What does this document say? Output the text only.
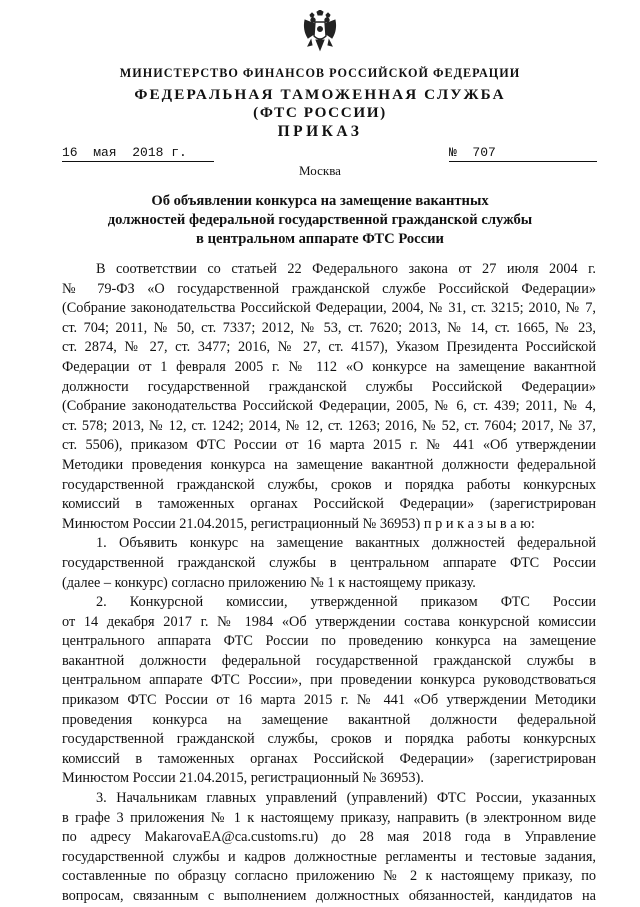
МИНИСТЕРСТВО ФИНАНСОВ РОССИЙСКОЙ ФЕДЕРАЦИИ
ФЕДЕРАЛЬНАЯ ТАМОЖЕННАЯ СЛУЖБА
(ФТС РОССИИ)
ПРИКАЗ
16  мая  2018 г.	№  707
Москва
Об объявлении конкурса на замещение вакантных
должностей федеральной государственной гражданской службы
в центральном аппарате ФТС России
В соответствии со статьей 22 Федерального закона от 27 июля 2004 г.
№ 79-ФЗ «О государственной гражданской службе Российской Федерации»
(Собрание законодательства Российской Федерации, 2004, № 31, ст. 3215; 2010, № 7,
ст. 704; 2011, № 50, ст. 7337; 2012, № 53, ст. 7620; 2013, № 14, ст. 1665, № 23,
ст. 2874, № 27, ст. 3477; 2016, № 27, ст. 4157), Указом Президента Российской
Федерации от 1 февраля 2005 г. № 112 «О конкурсе на замещение вакантной
должности государственной гражданской службы Российской Федерации»
(Собрание законодательства Российской Федерации, 2005, № 6, ст. 439; 2011, № 4,
ст. 578; 2013, № 12, ст. 1242; 2014, № 12, ст. 1263; 2016, № 52, ст. 7604; 2017, № 37,
ст. 5506), приказом ФТС России от 16 марта 2015 г. № 441 «Об утверждении
Методики проведения конкурса на замещение вакантной должности федеральной
государственной гражданской службы, сроков и порядка работы конкурсных
комиссий в таможенных органах Российской Федерации» (зарегистрирован
Минюстом России 21.04.2015, регистрационный № 36953) п р и к а з ы в а ю:
1. Объявить конкурс на замещение вакантных должностей федеральной
государственной гражданской службы в центральном аппарате ФТС России
(далее – конкурс) согласно приложению № 1 к настоящему приказу.
2. Конкурсной комиссии, утвержденной приказом ФТС России
от 14 декабря 2017 г. № 1984 «Об утверждении состава конкурсной комиссии
центрального аппарата ФТС России по проведению конкурса на замещение
вакантной должности федеральной государственной гражданской службы в
центральном аппарате ФТС России», при проведении конкурса руководствоваться
приказом ФТС России от 16 марта 2015 г. № 441 «Об утверждении Методики
проведения конкурса на замещение вакантной должности федеральной
государственной гражданской службы, сроков и порядка работы конкурсных
комиссий в таможенных органах Российской Федерации» (зарегистрирован
Минюстом России 21.04.2015, регистрационный № 36953).
3. Начальникам главных управлений (управлений) ФТС России, указанных
в графе 3 приложения № 1 к настоящему приказу, направить (в электронном виде
по адресу MakarovaEA@ca.customs.ru) до 28 мая 2018 года в Управление
государственной службы и кадров должностные регламенты и тестовые задания,
составленные по образцу согласно приложению № 2 к настоящему приказу, по
вопросам, связанным с выполнением должностных обязанностей, кандидатов на
